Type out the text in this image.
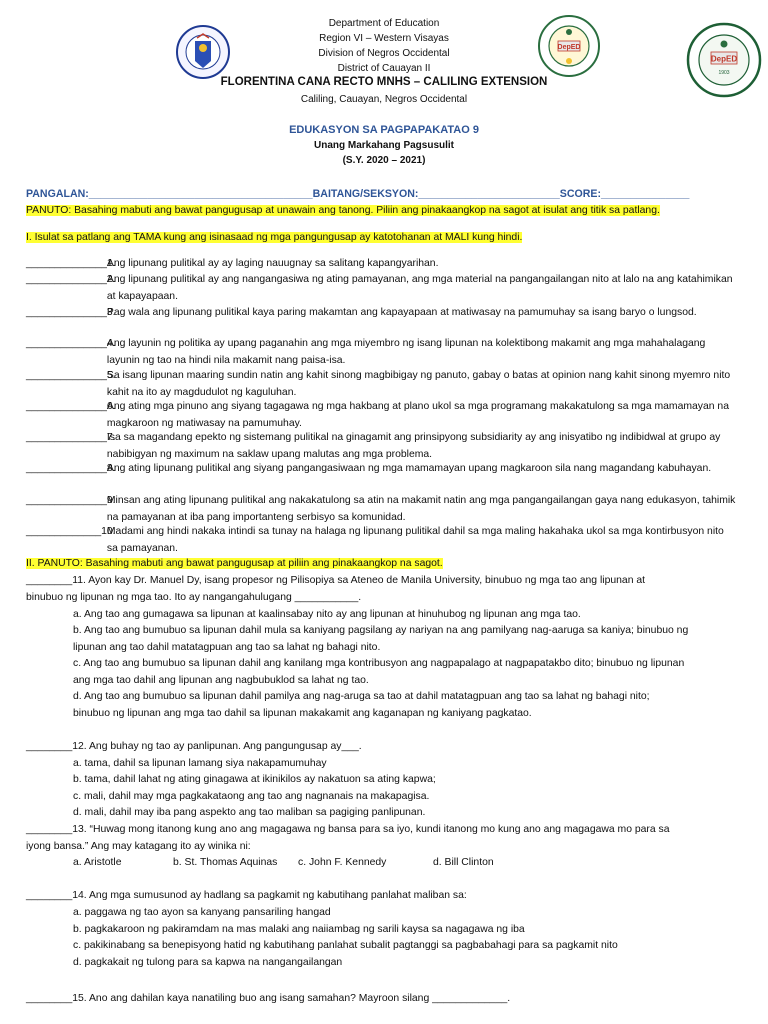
DepED
DepED
1903
Department of Education
Region VI – Western Visayas
Division of Negros Occidental
District of Cauayan II
FLORENTINA CANA RECTO MNHS – CALILING EXTENSION
Caliling, Cauayan, Negros Occidental
EDUKASYON SA PAGPAPAKATAO 9
Unang Markahang Pagsusulit
(S.Y. 2020 – 2021)
PANGALAN:______________________________________BAITANG/SEKSYON:________________________SCORE:_______________
PANUTO: Basahing mabuti ang bawat pangugusap at unawain ang tanong. Piliin ang pinakaangkop na sagot at isulat ang titik sa patlang.
I. Isulat sa patlang ang TAMA kung ang isinasaad ng mga pangungusap ay katotohanan at MALI kung hindi.
______________1. Ang lipunang pulitikal ay ay laging nauugnay sa salitang kapangyarihan.
______________2. Ang lipunang pulitikal ay ang nangangasiwa ng ating pamayanan, ang mga material na pangangailangan nito at lalo na ang katahimikan at kapayapaan.
______________3. Pag wala ang lipunang pulitikal kaya paring makamtan ang kapayapaan at matiwasay na pamumuhay sa isang baryo o lungsod.
______________4. Ang layunin ng politika ay upang paganahin ang mga miyembro ng isang lipunan na kolektibong makamit ang mga mahahalagang layunin ng tao na hindi nila makamit nang paisa-isa.
______________5. Sa isang lipunan maaring sundin natin ang kahit sinong magbibigay ng panuto, gabay o batas at opinion nang kahit sinong myemro nito kahit na ito ay magdudulot ng kaguluhan.
______________6. Ang ating mga pinuno ang siyang tagagawa ng mga hakbang at plano ukol sa mga programang makakatulong sa mga mamamayan na magkaroon ng matiwasay na pamumuhay.
______________7. Isa sa magandang epekto ng sistemang pulitikal na ginagamit ang prinsipyong subsidiarity ay ang inisyatibo ng indibidwal at grupo ay nabibigyan ng maximum na saklaw upang malutas ang mga problema.
______________8. Ang ating lipunang pulitikal ang siyang pangangasiwaan ng mga mamamayan upang magkaroon sila nang magandang kabuhayan.
______________9. Minsan ang ating lipunang pulitikal ang nakakatulong sa atin na makamit natin ang mga pangangailangan gaya nang edukasyon, tahimik na pamayanan at iba pang importanteng serbisyo sa komunidad.
_____________10. Madami ang hindi nakaka intindi sa tunay na halaga ng lipunang pulitikal dahil sa mga maling hakahaka ukol sa mga kontirbusyon nito sa pamayanan.
II. PANUTO: Basahing mabuti ang bawat pangugusap at piliin ang pinakaangkop na sagot.
________11. Ayon kay Dr. Manuel Dy, isang propesor ng Pilisopiya sa Ateneo de Manila University, binubuo ng mga tao ang lipunan at
binubuo ng lipunan ng mga tao. Ito ay nangangahulugang ___________.
a. Ang tao ang gumagawa sa lipunan at kaalinsabay nito ay ang lipunan at hinuhubog ng lipunan ang mga tao.
b. Ang tao ang bumubuo sa lipunan dahil mula sa kaniyang pagsilang ay nariyan na ang pamilyang nag-aaruga sa kaniya; binubuo ng
lipunan ang tao dahil matatagpuan ang tao sa lahat ng bahagi nito.
c. Ang tao ang bumubuo sa lipunan dahil ang kanilang mga kontribusyon ang nagpapalago at nagpapatakbo dito; binubuo ng lipunan
ang mga tao dahil ang lipunan ang nagbubuklod sa lahat ng tao.
d. Ang tao ang bumubuo sa lipunan dahil pamilya ang nag-aruga sa tao at dahil matatagpuan ang tao sa lahat ng bahagi nito;
binubuo ng lipunan ang mga tao dahil sa lipunan makakamit ang kaganapan ng kaniyang pagkatao.
________12. Ang buhay ng tao ay panlipunan. Ang pangungusap ay___.
a. tama, dahil sa lipunan lamang siya nakapamumuhay
b. tama, dahil lahat ng ating ginagawa at ikinikilos ay nakatuon sa ating kapwa;
c. mali, dahil may mga pagkakataong ang tao ang nagnanais na makapagisa.
d. mali, dahil may iba pang aspekto ang tao maliban sa pagiging panlipunan.
________13. “Huwag mong itanong kung ano ang magagawa ng bansa para sa iyo, kundi itanong mo kung ano ang magagawa mo para sa
iyong bansa.” Ang may katagang ito ay winika ni:
a. Aristotle	b. St. Thomas Aquinas c. John F. Kennedy	d. Bill Clinton
________14. Ang mga sumusunod ay hadlang sa pagkamit ng kabutihang panlahat maliban sa:
a. paggawa ng tao ayon sa kanyang pansariling hangad
b. pagkakaroon ng pakiramdam na mas malaki ang naiiambag ng sarili kaysa sa nagagawa ng iba
c. pakikinabang sa benepisyong hatid ng kabutihang panlahat subalit pagtanggi sa pagbabahagi para sa pagkamit nito
d. pagkakait ng tulong para sa kapwa na nangangailangan
________15. Ano ang dahilan kaya nanatiling buo ang isang samahan? Mayroon silang _____________.
